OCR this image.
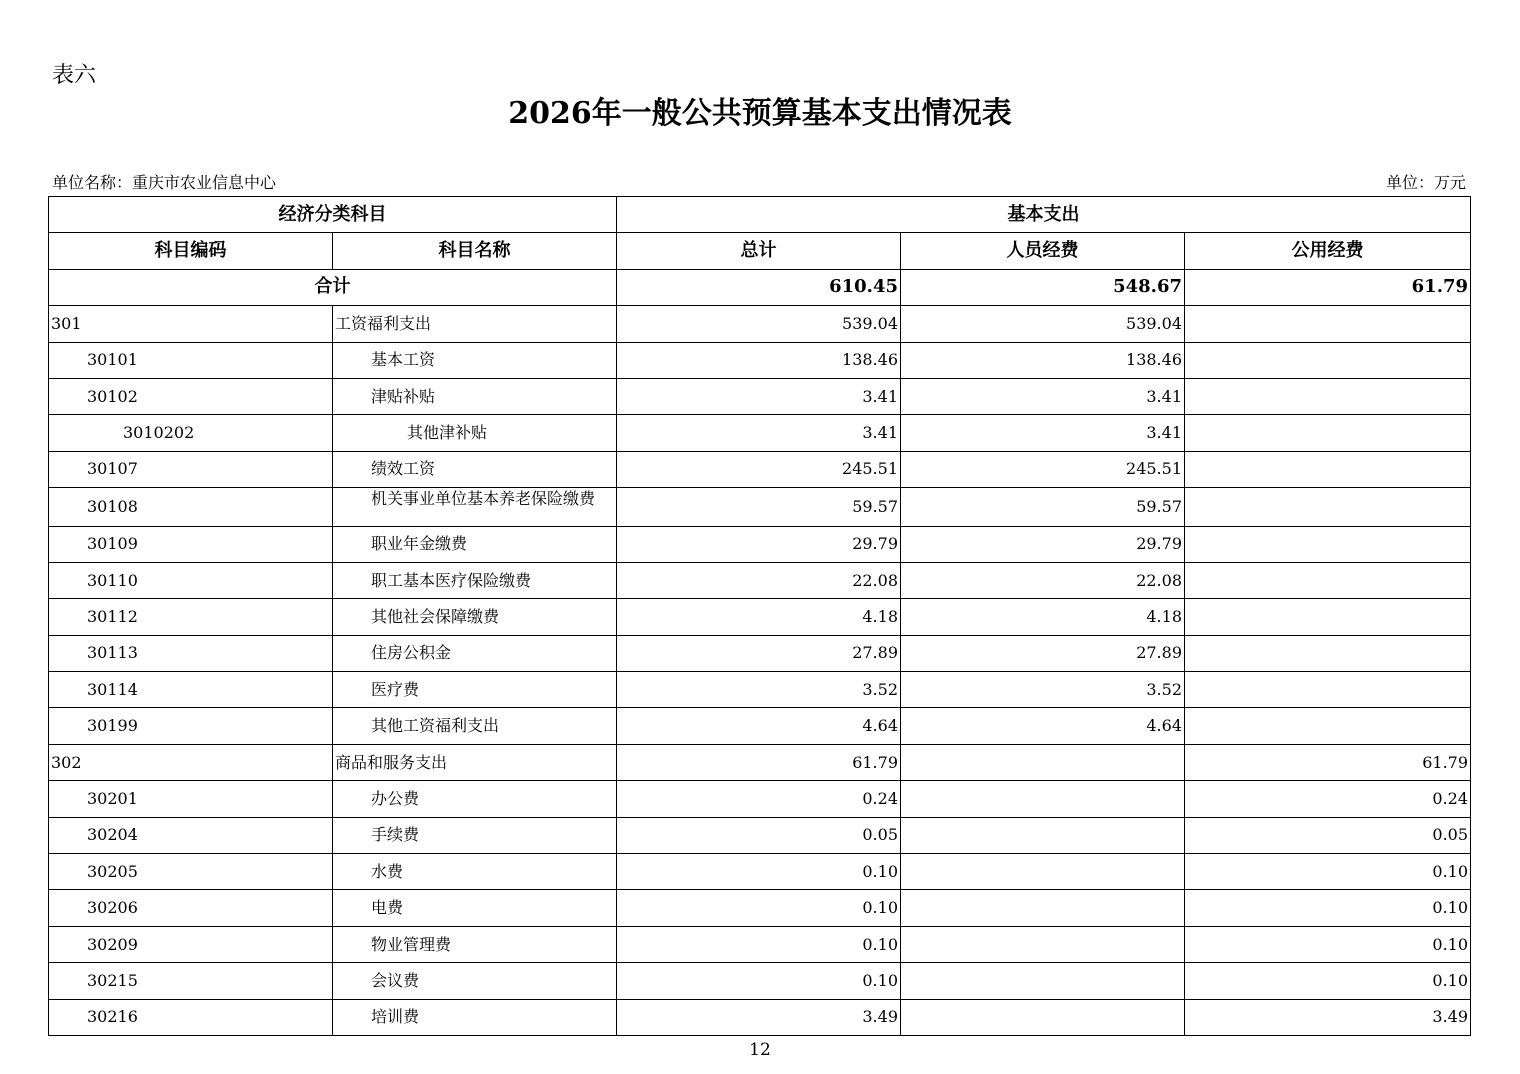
表六
2026年一般公共预算基本支出情况表
单位名称：重庆市农业信息中心	单位：万元
经济分类科目		基本支出		
科目编码	科目名称	总计	人员经费	公用经费
合计		610.45	548.67	61.79
301	工资福利支出	539.04	539.04	
30101	基本工资	138.46	138.46	
30102	津贴补贴	3.41	3.41	
3010202	其他津补贴	3.41	3.41	
30107	绩效工资	245.51	245.51	
30108	机关事业单位基本养老保险缴费	59.57	59.57	
30109	职业年金缴费	29.79	29.79	
30110	职工基本医疗保险缴费	22.08	22.08	
30112	其他社会保障缴费	4.18	4.18	
30113	住房公积金	27.89	27.89	
30114	医疗费	3.52	3.52	
30199	其他工资福利支出	4.64	4.64	
302	商品和服务支出	61.79		61.79
30201	办公费	0.24		0.24
30204	手续费	0.05		0.05
30205	水费	0.10		0.10
30206	电费	0.10		0.10
30209	物业管理费	0.10		0.10
30215	会议费	0.10		0.10
30216	培训费	3.49		3.49
12
